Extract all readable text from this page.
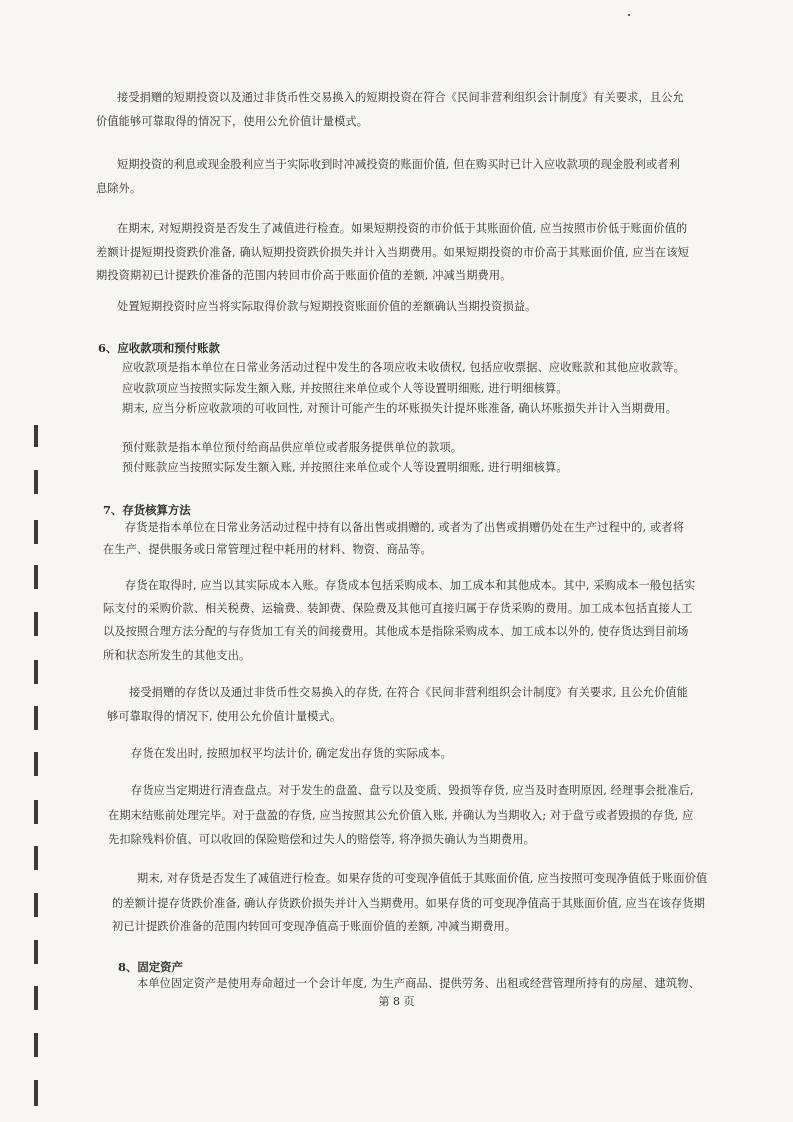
接受捐赠的短期投资以及通过非货币性交易换入的短期投资在符合《民间非营利组织会计制度》有关要求，且公允

价值能够可靠取得的情况下，使用公允价值计量模式。

短期投资的利息或现金股利应当于实际收到时冲减投资的账面价值, 但在购买时已计入应收款项的现金股利或者利

息除外。

在期末, 对短期投资是否发生了减值进行检查。如果短期投资的市价低于其账面价值, 应当按照市价低于账面价值的

差额计提短期投资跌价准备, 确认短期投资跌价损失并计入当期费用。如果短期投资的市价高于其账面价值, 应当在该短

期投资期初已计提跌价准备的范围内转回市价高于账面价值的差额, 冲减当期费用。

处置短期投资时应当将实际取得价款与短期投资账面价值的差额确认当期投资损益。

6、应收款项和预付账款

应收款项是指本单位在日常业务活动过程中发生的各项应收未收债权, 包括应收票据、应收账款和其他应收款等。

应收款项应当按照实际发生额入账, 并按照往来单位或个人等设置明细账, 进行明细核算。

期末, 应当分析应收款项的可收回性, 对预计可能产生的坏账损失计提坏账准备, 确认坏账损失并计入当期费用。

预付账款是指本单位预付给商品供应单位或者服务提供单位的款项。

预付账款应当按照实际发生额入账, 并按照往来单位或个人等设置明细账, 进行明细核算。

7、存货核算方法

存货是指本单位在日常业务活动过程中持有以备出售或捐赠的, 或者为了出售或捐赠仍处在生产过程中的, 或者将

在生产、提供服务或日常管理过程中耗用的材料、物资、商品等。

存货在取得时, 应当以其实际成本入账。存货成本包括采购成本、加工成本和其他成本。其中, 采购成本一般包括实

际支付的采购价款、相关税费、运输费、装卸费、保险费及其他可直接归属于存货采购的费用。加工成本包括直接人工

以及按照合理方法分配的与存货加工有关的间接费用。其他成本是指除采购成本、加工成本以外的, 使存货达到目前场

所和状态所发生的其他支出。

接受捐赠的存货以及通过非货币性交易换入的存货, 在符合《民间非营利组织会计制度》有关要求, 且公允价值能

够可靠取得的情况下, 使用公允价值计量模式。

存货在发出时, 按照加权平均法计价, 确定发出存货的实际成本。

存货应当定期进行清查盘点。对于发生的盘盈、盘亏以及变质、毁损等存货, 应当及时查明原因, 经理事会批准后,

在期末结账前处理完毕。对于盘盈的存货, 应当按照其公允价值入账, 并确认为当期收入; 对于盘亏或者毁损的存货, 应

先扣除残料价值、可以收回的保险赔偿和过失人的赔偿等, 将净损失确认为当期费用。

期末, 对存货是否发生了减值进行检查。如果存货的可变现净值低于其账面价值, 应当按照可变现净值低于账面价值

的差额计提存货跌价准备, 确认存货跌价损失并计入当期费用。如果存货的可变现净值高于其账面价值, 应当在该存货期

初已计提跌价准备的范围内转回可变现净值高于账面价值的差额, 冲减当期费用。

8、固定资产

本单位固定资产是使用寿命超过一个会计年度, 为生产商品、提供劳务、出租或经营管理所持有的房屋、建筑物、

第 8 页
